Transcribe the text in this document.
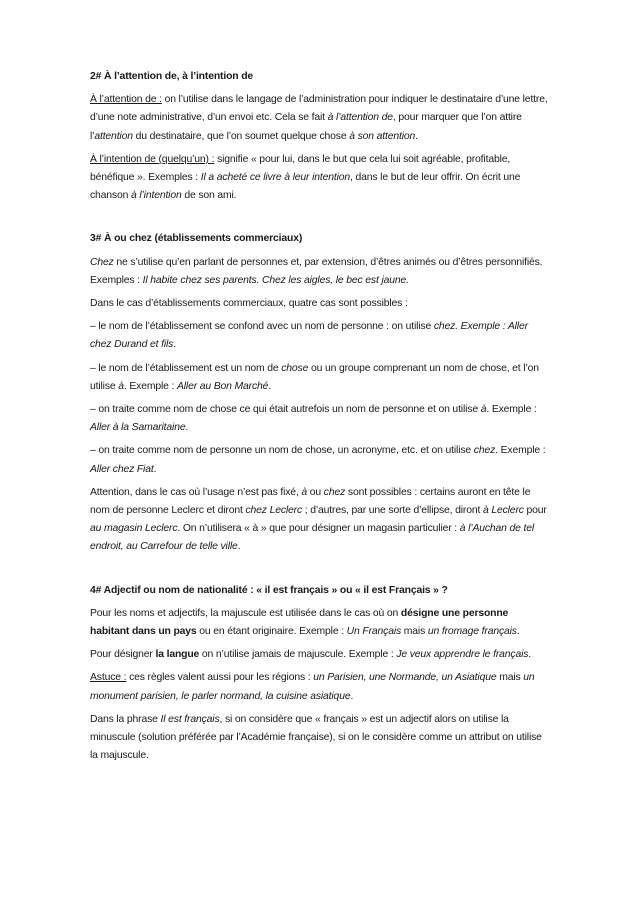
2# À l’attention de, à l’intention de
À l’attention de : on l’utilise dans le langage de l’administration pour indiquer le destinataire d’une lettre, d’une note administrative, d’un envoi etc. Cela se fait à l’attention de, pour marquer que l’on attire l’attention du destinataire, que l’on soumet quelque chose à son attention.
À l’intention de (quelqu’un) : signifie « pour lui, dans le but que cela lui soit agréable, profitable, bénéfique ». Exemples : Il a acheté ce livre à leur intention, dans le but de leur offrir. On écrit une chanson à l’intention de son ami.
3# À ou chez (établissements commerciaux)
Chez ne s’utilise qu’en parlant de personnes et, par extension, d’êtres animés ou d’êtres personnifiés. Exemples : Il habite chez ses parents. Chez les aigles, le bec est jaune.
Dans le cas d’établissements commerciaux, quatre cas sont possibles :
– le nom de l’établissement se confond avec un nom de personne : on utilise chez. Exemple : Aller chez Durand et fils.
– le nom de l’établissement est un nom de chose ou un groupe comprenant un nom de chose, et l’on utilise à. Exemple : Aller au Bon Marché.
– on traite comme nom de chose ce qui était autrefois un nom de personne et on utilise à. Exemple : Aller à la Samaritaine.
– on traite comme nom de personne un nom de chose, un acronyme, etc. et on utilise chez. Exemple : Aller chez Fiat.
Attention, dans le cas où l’usage n’est pas fixé, à ou chez sont possibles : certains auront en tête le nom de personne Leclerc et diront chez Leclerc ; d’autres, par une sorte d’ellipse, diront à Leclerc pour au magasin Leclerc. On n’utilisera « à » que pour désigner un magasin particulier : à l’Auchan de tel endroit, au Carrefour de telle ville.
4# Adjectif ou nom de nationalité : « il est français » ou « il est Français » ?
Pour les noms et adjectifs, la majuscule est utilisée dans le cas où on désigne une personne habitant dans un pays ou en étant originaire. Exemple : Un Français mais un fromage français.
Pour désigner la langue on n’utilise jamais de majuscule. Exemple : Je veux apprendre le français.
Astuce : ces règles valent aussi pour les régions : un Parisien, une Normande, un Asiatique mais un monument parisien, le parler normand, la cuisine asiatique.
Dans la phrase Il est français, si on considère que « français » est un adjectif alors on utilise la minuscule (solution préférée par l’Académie française), si on le considère comme un attribut on utilise la majuscule.
